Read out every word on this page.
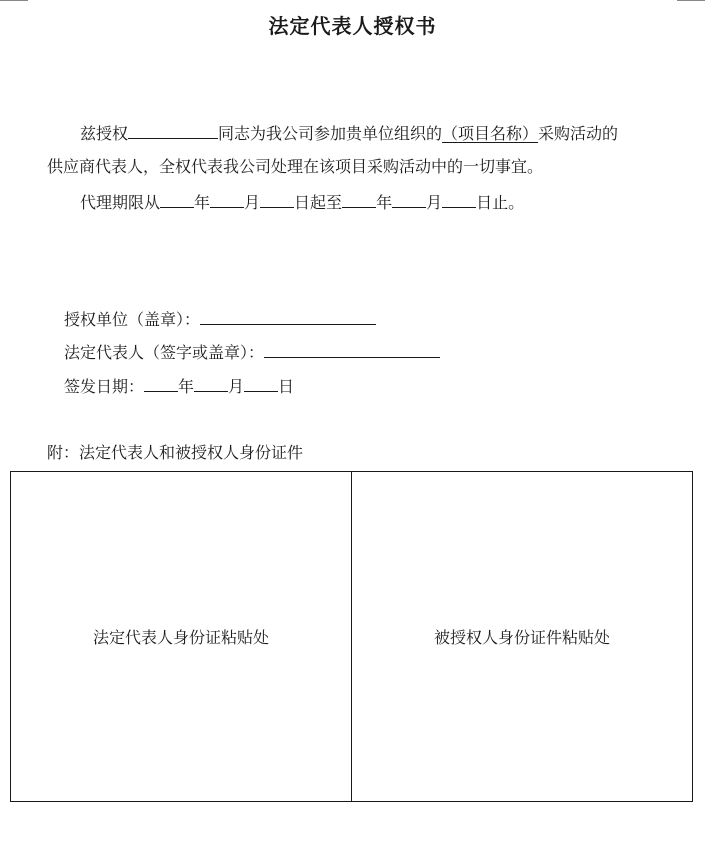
法定代表人授权书
兹授权	同志为我公司参加贵单位组织的（项目名称）采购活动的
供应商代表人，全权代表我公司处理在该项目采购活动中的一切事宜。
代理期限从 年 月 日起至 年 月 日止。
授权单位（盖章）：
法定代表人（签字或盖章）：
签发日期： 年 月 日
附：法定代表人和被授权人身份证件
法定代表人身份证粘贴处	被授权人身份证件粘贴处
